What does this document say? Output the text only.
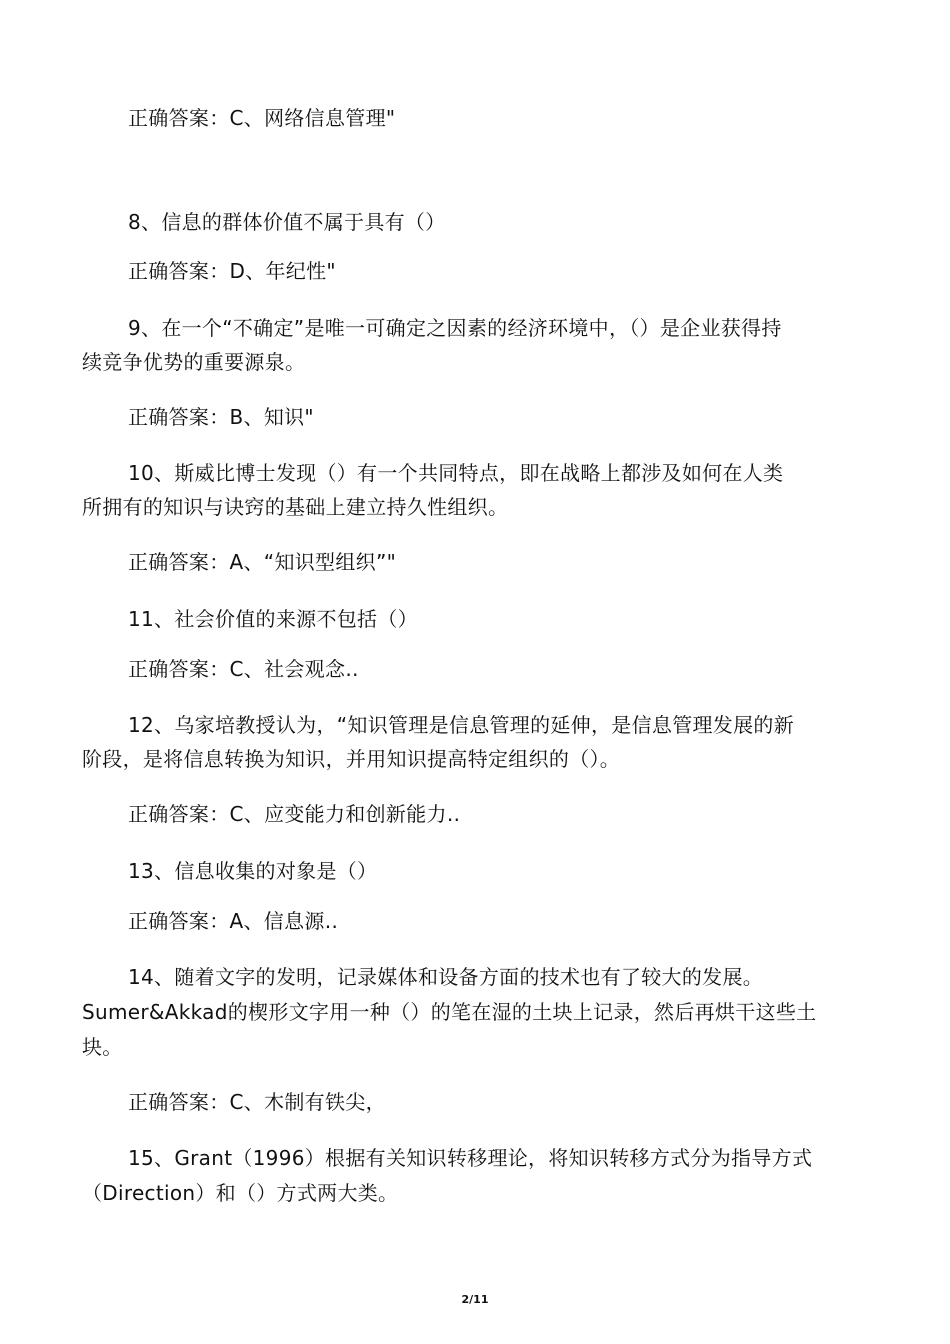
正确答案：C、网络信息管理"
8、信息的群体价值不属于具有（）
正确答案：D、年纪性"
9、在一个“不确定”是唯一可确定之因素的经济环境中，（）是企业获得持
续竞争优势的重要源泉。
正确答案：B、知识"
10、斯威比博士发现（）有一个共同特点，即在战略上都涉及如何在人类
所拥有的知识与诀窍的基础上建立持久性组织。
正确答案：A、“知识型组织”"
11、社会价值的来源不包括（）
正确答案：C、社会观念‥
12、乌家培教授认为，“知识管理是信息管理的延伸，是信息管理发展的新
阶段，是将信息转换为知识，并用知识提高特定组织的（）。
正确答案：C、应变能力和创新能力‥
13、信息收集的对象是（）
正确答案：A、信息源‥
14、随着文字的发明，记录媒体和设备方面的技术也有了较大的发展。
Sumer&Akkad的楔形文字用一种（）的笔在湿的土块上记录，然后再烘干这些土
块。
正确答案：C、木制有铁尖，
15、Grant（1996）根据有关知识转移理论，将知识转移方式分为指导方式
（Direction）和（）方式两大类。
2/11
